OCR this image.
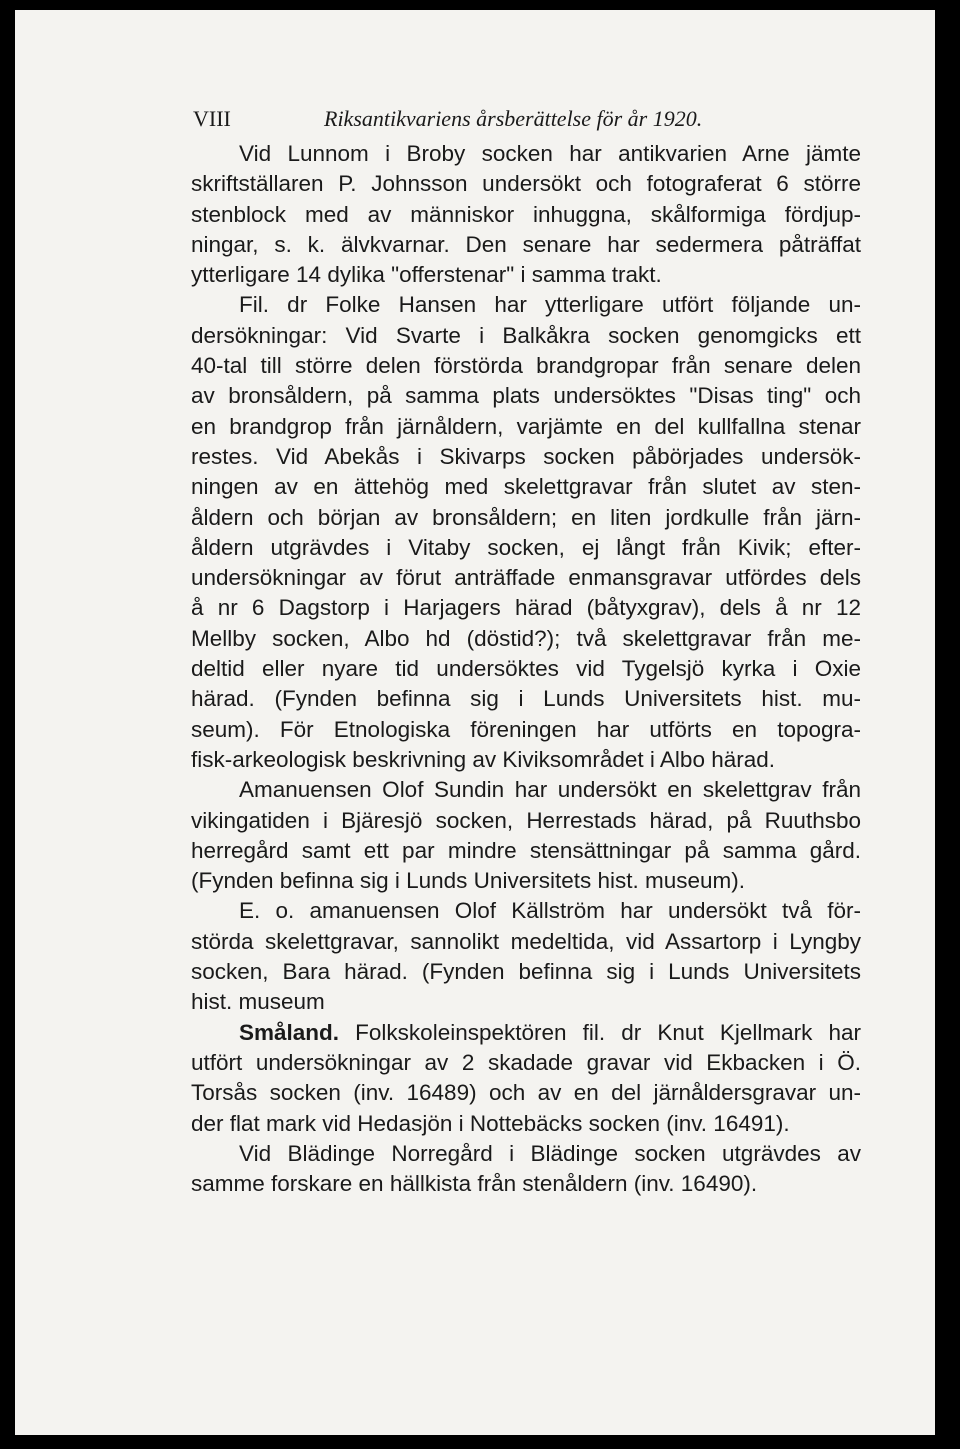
VIII	Riksantikvariens årsberättelse för år 1920.
Vid Lunnom i Broby socken har antikvarien Arne jämte
skriftställaren P. Johnsson undersökt och fotograferat 6 större
stenblock med av människor inhuggna, skålformiga fördjup-
ningar, s. k. älvkvarnar. Den senare har sedermera påträffat
ytterligare 14 dylika "offerstenar" i samma trakt.
Fil. dr Folke Hansen har ytterligare utfört följande un-
dersökningar: Vid Svarte i Balkåkra socken genomgicks ett
40-tal till större delen förstörda brandgropar från senare delen
av bronsåldern, på samma plats undersöktes "Disas ting" och
en brandgrop från järnåldern, varjämte en del kullfallna stenar
restes. Vid Abekås i Skivarps socken påbörjades undersök-
ningen av en ättehög med skelettgravar från slutet av sten-
åldern och början av bronsåldern; en liten jordkulle från järn-
åldern utgrävdes i Vitaby socken, ej långt från Kivik; efter-
undersökningar av förut anträffade enmansgravar utfördes dels
å nr 6 Dagstorp i Harjagers härad (båtyxgrav), dels å nr 12
Mellby socken, Albo hd (döstid?); två skelettgravar från me-
deltid eller nyare tid undersöktes vid Tygelsjö kyrka i Oxie
härad. (Fynden befinna sig i Lunds Universitets hist. mu-
seum). För Etnologiska föreningen har utförts en topogra-
fisk-arkeologisk beskrivning av Kiviksområdet i Albo härad.
Amanuensen Olof Sundin har undersökt en skelettgrav från
vikingatiden i Bjäresjö socken, Herrestads härad, på Ruuthsbo
herregård samt ett par mindre stensättningar på samma gård.
(Fynden befinna sig i Lunds Universitets hist. museum).
E. o. amanuensen Olof Källström har undersökt två för-
störda skelettgravar, sannolikt medeltida, vid Assartorp i Lyngby
socken, Bara härad. (Fynden befinna sig i Lunds Universitets
hist. museum
Småland. Folkskoleinspektören fil. dr Knut Kjellmark har
utfört undersökningar av 2 skadade gravar vid Ekbacken i Ö.
Torsås socken (inv. 16489) och av en del järnåldersgravar un-
der flat mark vid Hedasjön i Nottebäcks socken (inv. 16491).
Vid Blädinge Norregård i Blädinge socken utgrävdes av
samme forskare en hällkista från stenåldern (inv. 16490).
